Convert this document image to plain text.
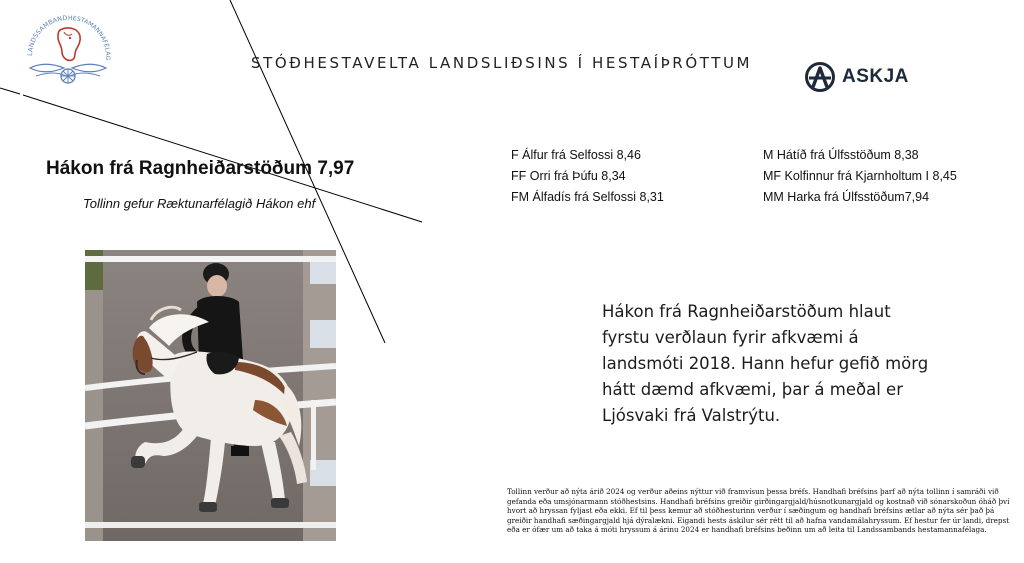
LANDSSAMBAND HESTAMANNAFÉLAG	STÓÐHESTAVELTA LANDSLIÐSINS Í HESTAÍÞRÓTTUM
ASKJA
Hákon frá Ragnheiðarstöðum 7,97
Tollinn gefur Ræktunarfélagið Hákon ehf
F Álfur frá Selfossi 8,46
FF Orri frá Þúfu 8,34
FM Álfadís frá Selfossi 8,31
M Hátíð frá Úlfsstöðum 8,38
MF Kolfinnur frá Kjarnholtum I 8,45
MM Harka frá Úlfsstöðum7,94
Hákon frá Ragnheiðarstöðum hlaut fyrstu verðlaun fyrir afkvæmi á landsmóti 2018. Hann hefur gefið mörg hátt dæmd afkvæmi, þar á meðal er Ljósvaki frá Valstrýtu.
Tollinn verður að nýta árið 2024 og verður aðeins nýttur við framvísun þessa bréfs. Handhafi bréfsins þarf að nýta tollinn í samráði við gefanda eða umsjónarmann stóðhestsins. Handhafi bréfsins greiðir girðingargjald/húsnotkunargjald og kostnað við sónarskoðun óháð því hvort að hryssan fyljast eða ekki. Ef til þess kemur að stóðhesturinn verður í sæðingum og handhafi bréfsins ætlar að nýta sér það þá greiðir handhafi sæðingargjald hjá dýralækni. Eigandi hests áskilur sér rétt til að hafna vandamálahryssum. Ef hestur fer úr landi, drepst eða er ófær um að taka á móti hryssum á árinu 2024 er handhafi bréfsins beðinn um að leita til Landssambands hestamannafélaga.
